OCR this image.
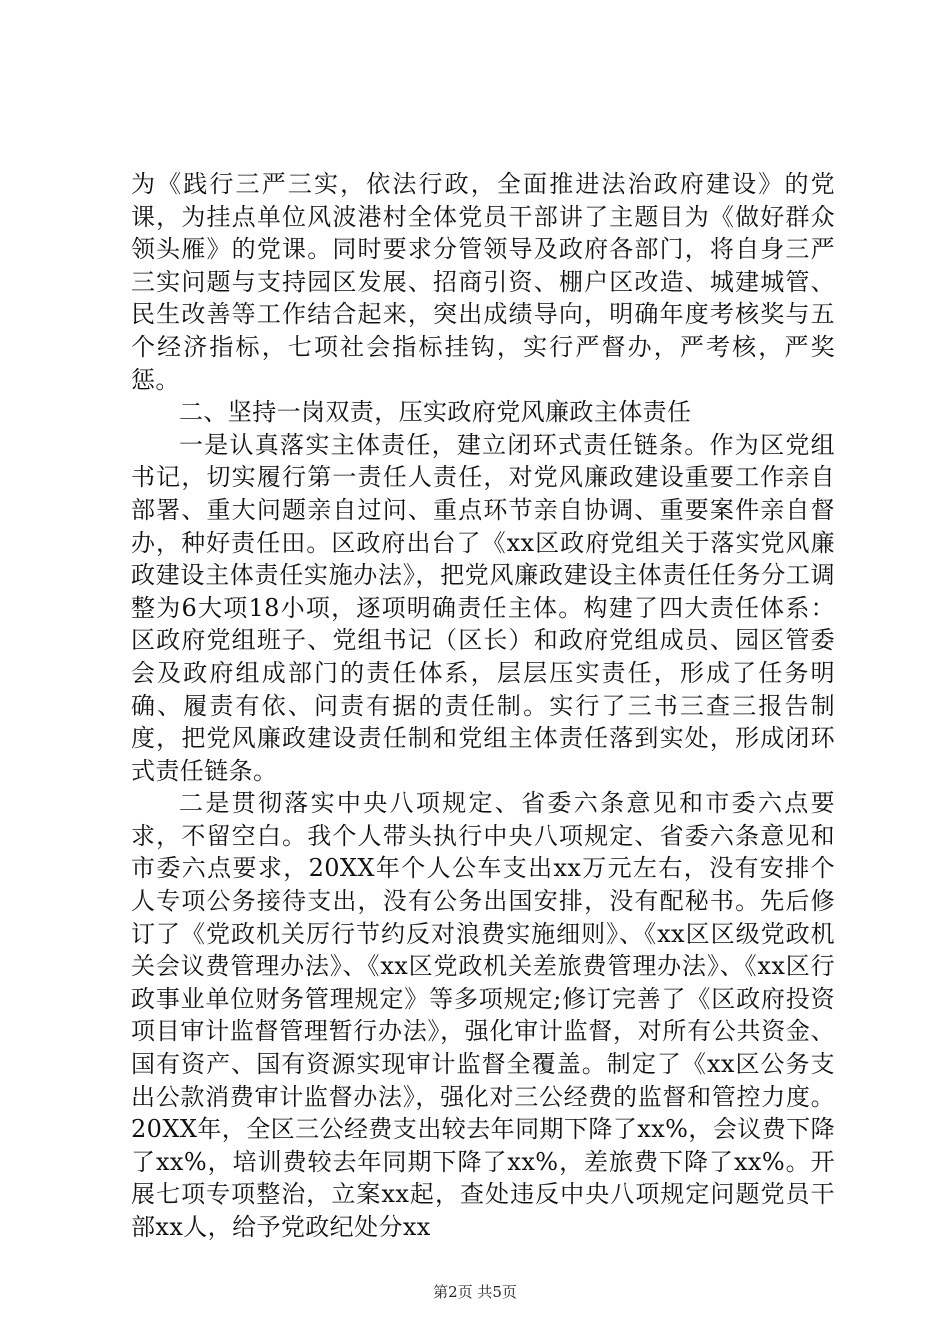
为《践行三严三实，依法行政，全面推进法治政府建设》的党课，为挂点单位风波港村全体党员干部讲了主题目为《做好群众领头雁》的党课。同时要求分管领导及政府各部门，将自身三严三实问题与支持园区发展、招商引资、棚户区改造、城建城管、民生改善等工作结合起来，突出成绩导向，明确年度考核奖与五个经济指标，七项社会指标挂钩，实行严督办，严考核，严奖惩。

二、坚持一岗双责，压实政府党风廉政主体责任

一是认真落实主体责任，建立闭环式责任链条。作为区党组书记，切实履行第一责任人责任，对党风廉政建设重要工作亲自部署、重大问题亲自过问、重点环节亲自协调、重要案件亲自督办，种好责任田。区政府出台了《xx区政府党组关于落实党风廉政建设主体责任实施办法》，把党风廉政建设主体责任任务分工调整为6大项18小项，逐项明确责任主体。构建了四大责任体系：区政府党组班子、党组书记（区长）和政府党组成员、园区管委会及政府组成部门的责任体系，层层压实责任，形成了任务明确、履责有依、问责有据的责任制。实行了三书三查三报告制度，把党风廉政建设责任制和党组主体责任落到实处，形成闭环式责任链条。

二是贯彻落实中央八项规定、省委六条意见和市委六点要求，不留空白。我个人带头执行中央八项规定、省委六条意见和市委六点要求，20XX年个人公车支出xx万元左右，没有安排个人专项公务接待支出，没有公务出国安排，没有配秘书。先后修订了《党政机关厉行节约反对浪费实施细则》、《xx区区级党政机关会议费管理办法》、《xx区党政机关差旅费管理办法》、《xx区行政事业单位财务管理规定》等多项规定;修订完善了《区政府投资项目审计监督管理暂行办法》，强化审计监督，对所有公共资金、国有资产、国有资源实现审计监督全覆盖。制定了《xx区公务支出公款消费审计监督办法》，强化对三公经费的监督和管控力度。20XX年，全区三公经费支出较去年同期下降了xx%，会议费下降了xx%，培训费较去年同期下降了xx%，差旅费下降了xx%。开展七项专项整治，立案xx起，查处违反中央八项规定问题党员干部xx人，给予党政纪处分xx

第2页 共5页
